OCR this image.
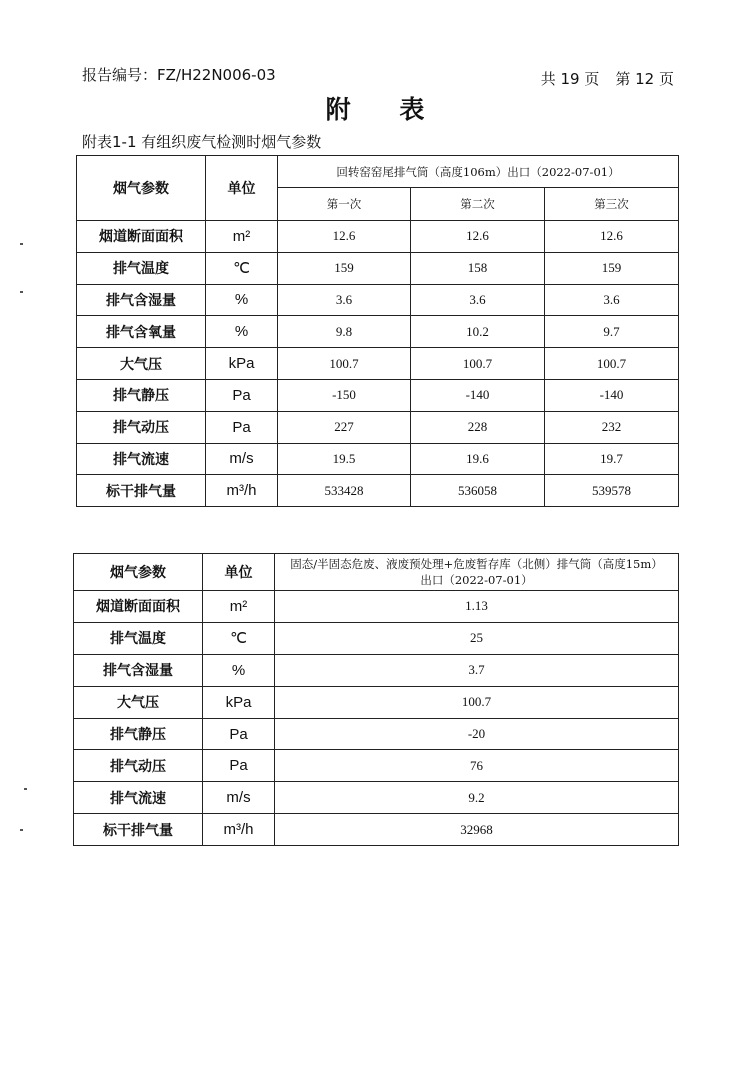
报告编号：FZ/H22N006-03	共 19 页 第 12 页
附 表
附表1-1 有组织废气检测时烟气参数
烟气参数	单位	回转窑窑尾排气筒（高度106m）出口（2022-07-01）		
		第一次	第二次	第三次
烟道断面面积	m²	12.6	12.6	12.6
排气温度	℃	159	158	159
排气含湿量	%	3.6	3.6	3.6
排气含氧量	%	9.8	10.2	9.7
大气压	kPa	100.7	100.7	100.7
排气静压	Pa	-150	-140	-140
排气动压	Pa	227	228	232
排气流速	m/s	19.5	19.6	19.7
标干排气量	m³/h	533428	536058	539578
烟气参数	单位	固态/半固态危废、液废预处理+危废暂存库（北侧）排气筒（高度15m）
出口（2022-07-01）

烟道断面面积	m²	1.13
排气温度	℃	25
排气含湿量	%	3.7
大气压	kPa	100.7
排气静压	Pa	-20
排气动压	Pa	76
排气流速	m/s	9.2
标干排气量	m³/h	32968
